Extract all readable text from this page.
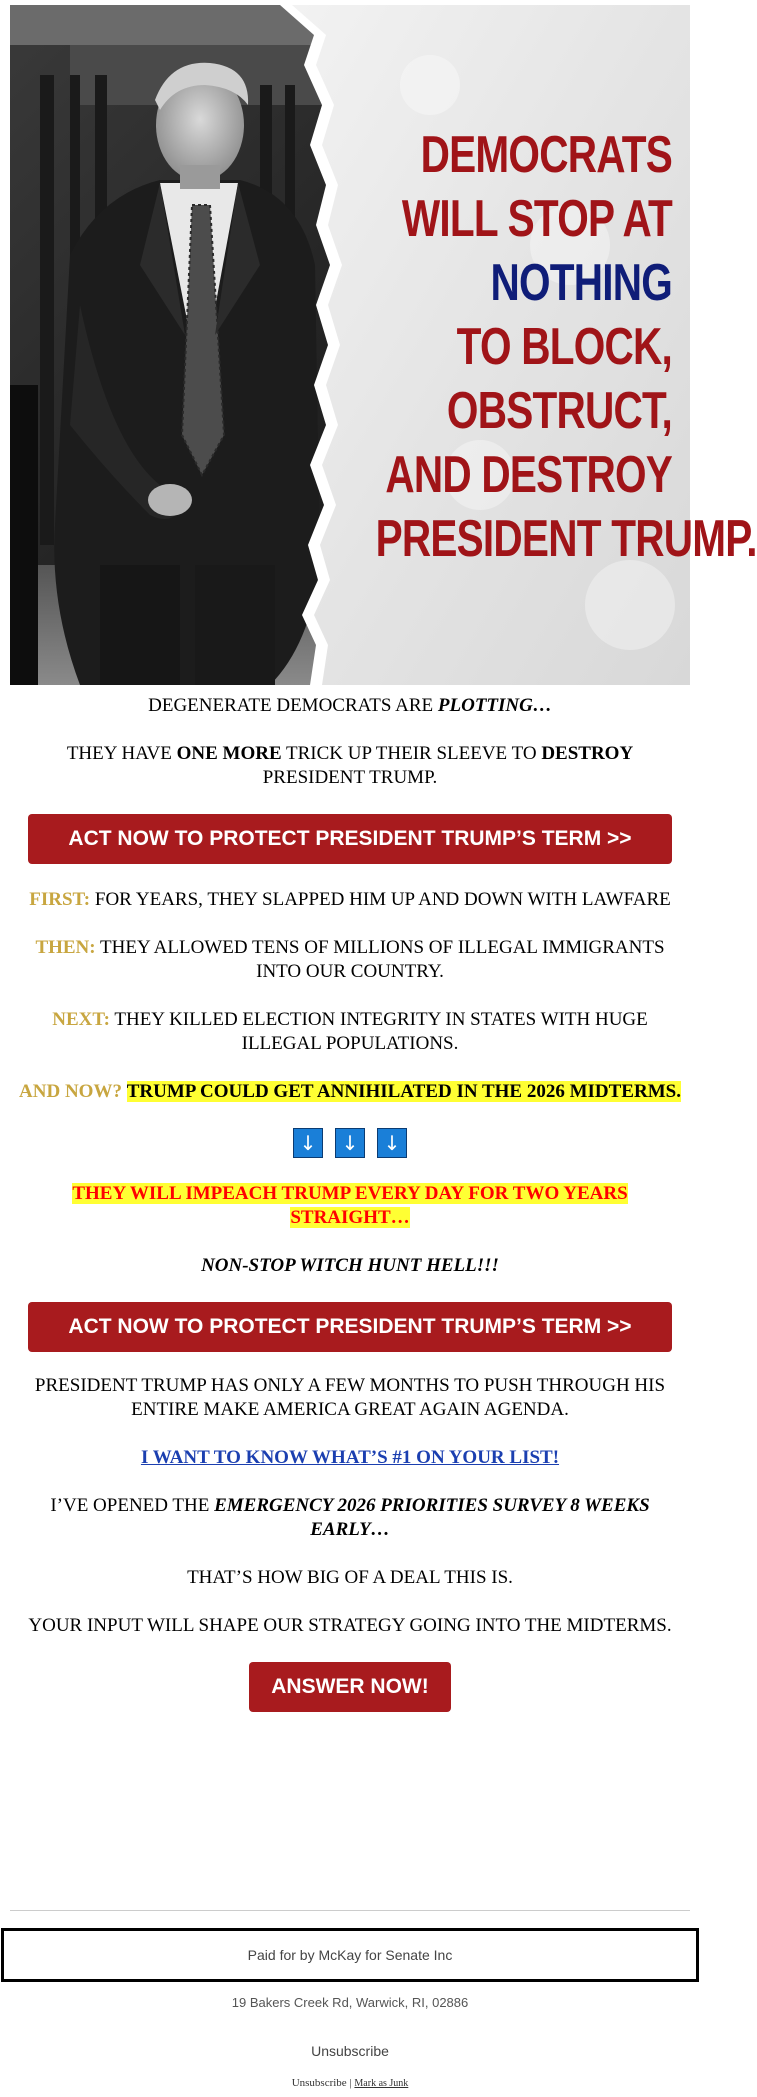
DEMOCRATS
WILL STOP AT
NOTHING
TO BLOCK,
OBSTRUCT,
AND DESTROY
PRESIDENT TRUMP.

DEGENERATE DEMOCRATS ARE PLOTTING…

THEY HAVE ONE MORE TRICK UP THEIR SLEEVE TO DESTROY PRESIDENT TRUMP.

ACT NOW TO PROTECT PRESIDENT TRUMP’S TERM >>

FIRST: FOR YEARS, THEY SLAPPED HIM UP AND DOWN WITH LAWFARE

THEN: THEY ALLOWED TENS OF MILLIONS OF ILLEGAL IMMIGRANTS INTO OUR COUNTRY.

NEXT: THEY KILLED ELECTION INTEGRITY IN STATES WITH HUGE ILLEGAL POPULATIONS.

AND NOW? TRUMP COULD GET ANNIHILATED IN THE 2026 MIDTERMS.

↓ ↓ ↓

THEY WILL IMPEACH TRUMP EVERY DAY FOR TWO YEARS STRAIGHT…

NON-STOP WITCH HUNT HELL!!!

ACT NOW TO PROTECT PRESIDENT TRUMP’S TERM >>

PRESIDENT TRUMP HAS ONLY A FEW MONTHS TO PUSH THROUGH HIS ENTIRE MAKE AMERICA GREAT AGAIN AGENDA.

I WANT TO KNOW WHAT’S #1 ON YOUR LIST!

I’VE OPENED THE EMERGENCY 2026 PRIORITIES SURVEY 8 WEEKS EARLY…

THAT’S HOW BIG OF A DEAL THIS IS.

YOUR INPUT WILL SHAPE OUR STRATEGY GOING INTO THE MIDTERMS.

ANSWER NOW!
Paid for by McKay for Senate Inc
19 Bakers Creek Rd, Warwick, RI, 02886
Unsubscribe
Unsubscribe | Mark as Junk
